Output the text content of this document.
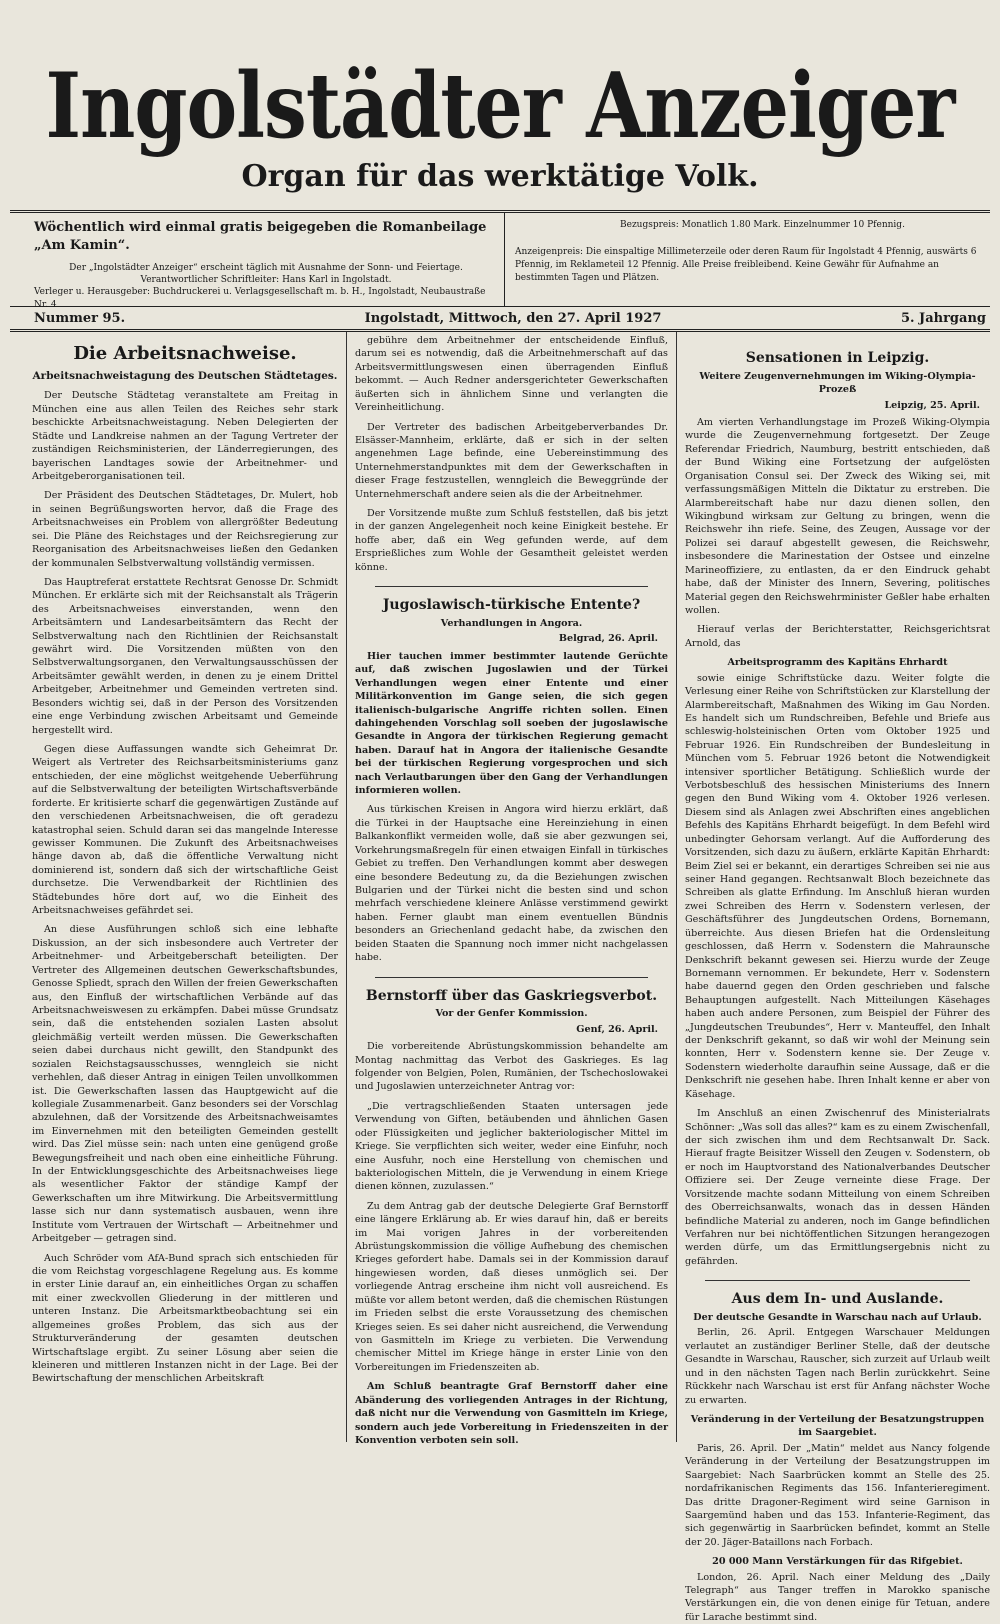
Ingolstädter Anzeiger
Organ für das werktätige Volk.
Wöchentlich wird einmal gratis beigegeben die Romanbeilage „Am Kamin“.
Der „Ingolstädter Anzeiger“ erscheint täglich mit Ausnahme der Sonn- und Feiertage.
Verantwortlicher Schriftleiter: Hans Karl in Ingolstadt.
Verleger u. Herausgeber: Buchdruckerei u. Verlagsgesellschaft m. b. H., Ingolstadt, Neubaustraße Nr. 4
Bezugspreis: Monatlich 1.80 Mark. Einzelnummer 10 Pfennig.
Anzeigenpreis: Die einspaltige Millimeterzeile oder deren Raum für Ingolstadt 4 Pfennig, auswärts 6 Pfennig, im Reklameteil 12 Pfennig. Alle Preise freibleibend. Keine Gewähr für Aufnahme an bestimmten Tagen und Plätzen.
Nummer 95.	Ingolstadt, Mittwoch, den 27. April 1927	5. Jahrgang
Die Arbeitsnachweise.
Arbeitsnachweistagung des Deutschen Städtetages.

Der Deutsche Städtetag veranstaltete am Freitag in München eine aus allen Teilen des Reiches sehr stark beschickte Arbeitsnachweistagung. Neben Delegierten der Städte und Landkreise nahmen an der Tagung Vertreter der zuständigen Reichsministerien, der Länderregierungen, des bayerischen Landtages sowie der Arbeitnehmer- und Arbeitgeberorganisationen teil.

Der Präsident des Deutschen Städtetages, Dr. Mulert, hob in seinen Begrüßungsworten hervor, daß die Frage des Arbeitsnachweises ein Problem von allergrößter Bedeutung sei. Die Pläne des Reichstages und der Reichsregierung zur Reorganisation des Arbeitsnachweises ließen den Gedanken der kommunalen Selbstverwaltung vollständig vermissen.

Das Hauptreferat erstattete Rechtsrat Genosse Dr. Schmidt München. Er erklärte sich mit der Reichsanstalt als Trägerin des Arbeitsnachweises einverstanden, wenn den Arbeitsämtern und Landesarbeitsämtern das Recht der Selbstverwaltung nach den Richtlinien der Reichsanstalt gewährt wird. Die Vorsitzenden müßten von den Selbstverwaltungsorganen, den Verwaltungsausschüssen der Arbeitsämter gewählt werden, in denen zu je einem Drittel Arbeitgeber, Arbeitnehmer und Gemeinden vertreten sind. Besonders wichtig sei, daß in der Person des Vorsitzenden eine enge Verbindung zwischen Arbeitsamt und Gemeinde hergestellt wird.

Gegen diese Auffassungen wandte sich Geheimrat Dr. Weigert als Vertreter des Reichsarbeitsministeriums ganz entschieden, der eine möglichst weitgehende Ueberführung auf die Selbstverwaltung der beteiligten Wirtschaftsverbände forderte. Er kritisierte scharf die gegenwärtigen Zustände auf den verschiedenen Arbeitsnachweisen, die oft geradezu katastrophal seien. Schuld daran sei das mangelnde Interesse gewisser Kommunen. Die Zukunft des Arbeitsnachweises hänge davon ab, daß die öffentliche Verwaltung nicht dominierend ist, sondern daß sich der wirtschaftliche Geist durchsetze. Die Verwendbarkeit der Richtlinien des Städtebundes höre dort auf, wo die Einheit des Arbeitsnachweises gefährdet sei.

An diese Ausführungen schloß sich eine lebhafte Diskussion, an der sich insbesondere auch Vertreter der Arbeitnehmer- und Arbeitgeberschaft beteiligten. Der Vertreter des Allgemeinen deutschen Gewerkschaftsbundes, Genosse Spliedt, sprach den Willen der freien Gewerkschaften aus, den Einfluß der wirtschaftlichen Verbände auf das Arbeitsnachweiswesen zu erkämpfen. Dabei müsse Grundsatz sein, daß die entstehenden sozialen Lasten absolut gleichmäßig verteilt werden müssen. Die Gewerkschaften seien dabei durchaus nicht gewillt, den Standpunkt des sozialen Reichstagsausschusses, wenngleich sie nicht verhehlen, daß dieser Antrag in einigen Teilen unvollkommen ist. Die Gewerkschaften lassen das Hauptgewicht auf die kollegiale Zusammenarbeit. Ganz besonders sei der Vorschlag abzulehnen, daß der Vorsitzende des Arbeitsnachweisamtes im Einvernehmen mit den beteiligten Gemeinden gestellt wird. Das Ziel müsse sein: nach unten eine genügend große Bewegungsfreiheit und nach oben eine einheitliche Führung. In der Entwicklungsgeschichte des Arbeitsnachweises liege als wesentlicher Faktor der ständige Kampf der Gewerkschaften um ihre Mitwirkung. Die Arbeitsvermittlung lasse sich nur dann systematisch ausbauen, wenn ihre Institute vom Vertrauen der Wirtschaft — Arbeitnehmer und Arbeitgeber — getragen sind.

Auch Schröder vom AfA-Bund sprach sich entschieden für die vom Reichstag vorgeschlagene Regelung aus. Es komme in erster Linie darauf an, ein einheitliches Organ zu schaffen mit einer zweckvollen Gliederung in der mittleren und unteren Instanz. Die Arbeitsmarktbeobachtung sei ein allgemeines großes Problem, das sich aus der Strukturveränderung der gesamten deutschen Wirtschaftslage ergibt. Zu seiner Lösung aber seien die kleineren und mittleren Instanzen nicht in der Lage. Bei der Bewirtschaftung der menschlichen Arbeitskraft

gebühre dem Arbeitnehmer der entscheidende Einfluß, darum sei es notwendig, daß die Arbeitnehmerschaft auf das Arbeitsvermittlungswesen einen überragenden Einfluß bekommt. — Auch Redner andersgerichteter Gewerkschaften äußerten sich in ähnlichem Sinne und verlangten die Vereinheitlichung.

Der Vertreter des badischen Arbeitgeberverbandes Dr. Elsässer-Mannheim, erklärte, daß er sich in der selten angenehmen Lage befinde, eine Uebereinstimmung des Unternehmerstandpunktes mit dem der Gewerkschaften in dieser Frage festzustellen, wenngleich die Beweggründe der Unternehmerschaft andere seien als die der Arbeitnehmer.

Der Vorsitzende mußte zum Schluß feststellen, daß bis jetzt in der ganzen Angelegenheit noch keine Einigkeit bestehe. Er hoffe aber, daß ein Weg gefunden werde, auf dem Ersprießliches zum Wohle der Gesamtheit geleistet werden könne.

Jugoslawisch-türkische Entente?
Verhandlungen in Angora.
Belgrad, 26. April.

Hier tauchen immer bestimmter lautende Gerüchte auf, daß zwischen Jugoslawien und der Türkei Verhandlungen wegen einer Entente und einer Militärkonvention im Gange seien, die sich gegen italienisch-bulgarische Angriffe richten sollen. Einen dahingehenden Vorschlag soll soeben der jugoslawische Gesandte in Angora der türkischen Regierung gemacht haben. Darauf hat in Angora der italienische Gesandte bei der türkischen Regierung vorgesprochen und sich nach Verlautbarungen über den Gang der Verhandlungen informieren wollen.

Aus türkischen Kreisen in Angora wird hierzu erklärt, daß die Türkei in der Hauptsache eine Hereinziehung in einen Balkankonflikt vermeiden wolle, daß sie aber gezwungen sei, Vorkehrungsmaßregeln für einen etwaigen Einfall in türkisches Gebiet zu treffen. Den Verhandlungen kommt aber deswegen eine besondere Bedeutung zu, da die Beziehungen zwischen Bulgarien und der Türkei nicht die besten sind und schon mehrfach verschiedene kleinere Anlässe verstimmend gewirkt haben. Ferner glaubt man einem eventuellen Bündnis besonders an Griechenland gedacht habe, da zwischen den beiden Staaten die Spannung noch immer nicht nachgelassen habe.

Bernstorff über das Gaskriegsverbot.
Vor der Genfer Kommission.
Genf, 26. April.

Die vorbereitende Abrüstungskommission behandelte am Montag nachmittag das Verbot des Gaskrieges. Es lag folgender von Belgien, Polen, Rumänien, der Tschechoslowakei und Jugoslawien unterzeichneter Antrag vor:

„Die vertragschließenden Staaten untersagen jede Verwendung von Giften, betäubenden und ähnlichen Gasen oder Flüssigkeiten und jeglicher bakteriologischer Mittel im Kriege. Sie verpflichten sich weiter, weder eine Einfuhr, noch eine Ausfuhr, noch eine Herstellung von chemischen und bakteriologischen Mitteln, die je Verwendung in einem Kriege dienen können, zuzulassen.“

Zu dem Antrag gab der deutsche Delegierte Graf Bernstorff eine längere Erklärung ab. Er wies darauf hin, daß er bereits im Mai vorigen Jahres in der vorbereitenden Abrüstungskommission die völlige Aufhebung des chemischen Krieges gefordert habe. Damals sei in der Kommission darauf hingewiesen worden, daß dieses unmöglich sei. Der vorliegende Antrag erscheine ihm nicht voll ausreichend. Es müßte vor allem betont werden, daß die chemischen Rüstungen im Frieden selbst die erste Voraussetzung des chemischen Krieges seien. Es sei daher nicht ausreichend, die Verwendung von Gasmitteln im Kriege zu verbieten. Die Verwendung chemischer Mittel im Kriege hänge in erster Linie von den Vorbereitungen im Friedenszeiten ab.

Am Schluß beantragte Graf Bernstorff daher eine Abänderung des vorliegenden Antrages in der Richtung, daß nicht nur die Verwendung von Gasmitteln im Kriege, sondern auch jede Vorbereitung in Friedenszeiten in der Konvention verboten sein soll.

Sensationen in Leipzig.
Weitere Zeugenvernehmungen im Wiking-Olympia-Prozeß
Leipzig, 25. April.

Am vierten Verhandlungstage im Prozeß Wiking-Olympia wurde die Zeugenvernehmung fortgesetzt. Der Zeuge Referendar Friedrich, Naumburg, bestritt entschieden, daß der Bund Wiking eine Fortsetzung der aufgelösten Organisation Consul sei. Der Zweck des Wiking sei, mit verfassungsmäßigen Mitteln die Diktatur zu erstreben. Die Alarmbereitschaft habe nur dazu dienen sollen, den Wikingbund wirksam zur Geltung zu bringen, wenn die Reichswehr ihn riefe. Seine, des Zeugen, Aussage vor der Polizei sei darauf abgestellt gewesen, die Reichswehr, insbesondere die Marinestation der Ostsee und einzelne Marineoffiziere, zu entlasten, da er den Eindruck gehabt habe, daß der Minister des Innern, Severing, politisches Material gegen den Reichswehrminister Geßler habe erhalten wollen.

Hierauf verlas der Berichterstatter, Reichsgerichtsrat Arnold, das

Arbeitsprogramm des Kapitäns Ehrhardt

sowie einige Schriftstücke dazu. Weiter folgte die Verlesung einer Reihe von Schriftstücken zur Klarstellung der Alarmbereitschaft, Maßnahmen des Wiking im Gau Norden. Es handelt sich um Rundschreiben, Befehle und Briefe aus schleswig-holsteinischen Orten vom Oktober 1925 und Februar 1926. Ein Rundschreiben der Bundesleitung in München vom 5. Februar 1926 betont die Notwendigkeit intensiver sportlicher Betätigung. Schließlich wurde der Verbotsbeschluß des hessischen Ministeriums des Innern gegen den Bund Wiking vom 4. Oktober 1926 verlesen. Diesem sind als Anlagen zwei Abschriften eines angeblichen Befehls des Kapitäns Ehrhardt beigefügt. In dem Befehl wird unbedingter Gehorsam verlangt. Auf die Aufforderung des Vorsitzenden, sich dazu zu äußern, erklärte Kapitän Ehrhardt: Beim Ziel sei er bekannt, ein derartiges Schreiben sei nie aus seiner Hand gegangen. Rechtsanwalt Bloch bezeichnete das Schreiben als glatte Erfindung. Im Anschluß hieran wurden zwei Schreiben des Herrn v. Sodenstern verlesen, der Geschäftsführer des Jungdeutschen Ordens, Bornemann, überreichte. Aus diesen Briefen hat die Ordensleitung geschlossen, daß Herrn v. Sodenstern die Mahraunsche Denkschrift bekannt gewesen sei. Hierzu wurde der Zeuge Bornemann vernommen. Er bekundete, Herr v. Sodenstern habe dauernd gegen den Orden geschrieben und falsche Behauptungen aufgestellt. Nach Mitteilungen Käsehages haben auch andere Personen, zum Beispiel der Führer des „Jungdeutschen Treubundes“, Herr v. Manteuffel, den Inhalt der Denkschrift gekannt, so daß wir wohl der Meinung sein konnten, Herr v. Sodenstern kenne sie. Der Zeuge v. Sodenstern wiederholte daraufhin seine Aussage, daß er die Denkschrift nie gesehen habe. Ihren Inhalt kenne er aber von Käsehage.

Im Anschluß an einen Zwischenruf des Ministerialrats Schönner: „Was soll das alles?“ kam es zu einem Zwischenfall, der sich zwischen ihm und dem Rechtsanwalt Dr. Sack. Hierauf fragte Beisitzer Wissell den Zeugen v. Sodenstern, ob er noch im Hauptvorstand des Nationalverbandes Deutscher Offiziere sei. Der Zeuge verneinte diese Frage. Der Vorsitzende machte sodann Mitteilung von einem Schreiben des Oberreichsanwalts, wonach das in dessen Händen befindliche Material zu anderen, noch im Gange befindlichen Verfahren nur bei nichtöffentlichen Sitzungen herangezogen werden dürfe, um das Ermittlungsergebnis nicht zu gefährden.

Aus dem In- und Auslande.
Der deutsche Gesandte in Warschau nach auf Urlaub.

Berlin, 26. April. Entgegen Warschauer Meldungen verlautet an zuständiger Berliner Stelle, daß der deutsche Gesandte in Warschau, Rauscher, sich zurzeit auf Urlaub weilt und in den nächsten Tagen nach Berlin zurückkehrt. Seine Rückkehr nach Warschau ist erst für Anfang nächster Woche zu erwarten.

Veränderung in der Verteilung der Besatzungstruppen im Saargebiet.

Paris, 26. April. Der „Matin“ meldet aus Nancy folgende Veränderung in der Verteilung der Besatzungstruppen im Saargebiet: Nach Saarbrücken kommt an Stelle des 25. nordafrikanischen Regiments das 156. Infanterieregiment. Das dritte Dragoner-Regiment wird seine Garnison in Saargemünd haben und das 153. Infanterie-Regiment, das sich gegenwärtig in Saarbrücken befindet, kommt an Stelle der 20. Jäger-Bataillons nach Forbach.

20 000 Mann Verstärkungen für das Rifgebiet.

London, 26. April. Nach einer Meldung des „Daily Telegraph“ aus Tanger treffen in Marokko spanische Verstärkungen ein, die von denen einige für Tetuan, andere für Larache bestimmt sind.
